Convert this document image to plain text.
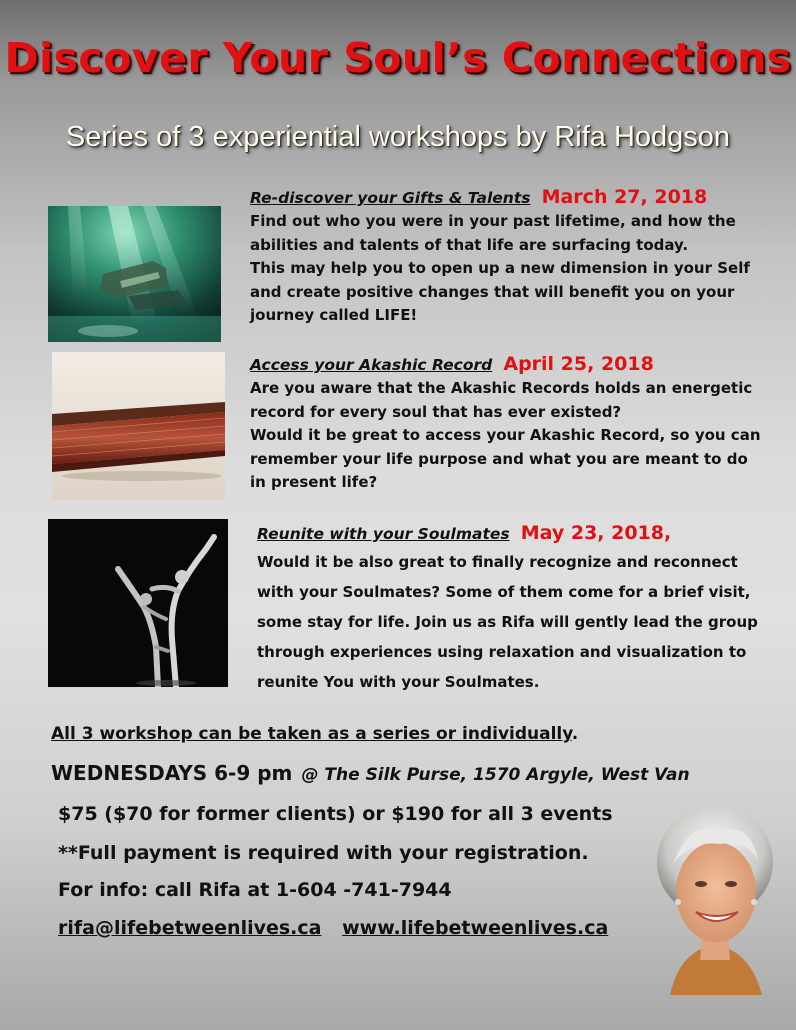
Discover Your Soul’s Connections
Series of 3 experiential workshops by Rifa Hodgson
Re-discover your Gifts & Talents March 27, 2018
Find out who you were in your past lifetime, and how the
abilities and talents of that life are surfacing today.
This may help you to open up a new dimension in your Self
and create positive changes that will benefit you on your
journey called LIFE!
Access your Akashic Record April 25, 2018
Are you aware that the Akashic Records holds an energetic
record for every soul that has ever existed?
Would it be great to access your Akashic Record, so you can
remember your life purpose and what you are meant to do
in present life?
Reunite with your Soulmates May 23, 2018,
Would it be also great to finally recognize and reconnect
with your Soulmates? Some of them come for a brief visit,
some stay for life. Join us as Rifa will gently lead the group
through experiences using relaxation and visualization to
reunite You with your Soulmates.
All 3 workshop can be taken as a series or individually.
WEDNESDAYS 6-9 pm @ The Silk Purse, 1570 Argyle, West Van
$75 ($70 for former clients) or $190 for all 3 events
**Full payment is required with your registration.
For info: call Rifa at 1-604 -741-7944
rifa@lifebetweenlives.ca www.lifebetweenlives.ca
